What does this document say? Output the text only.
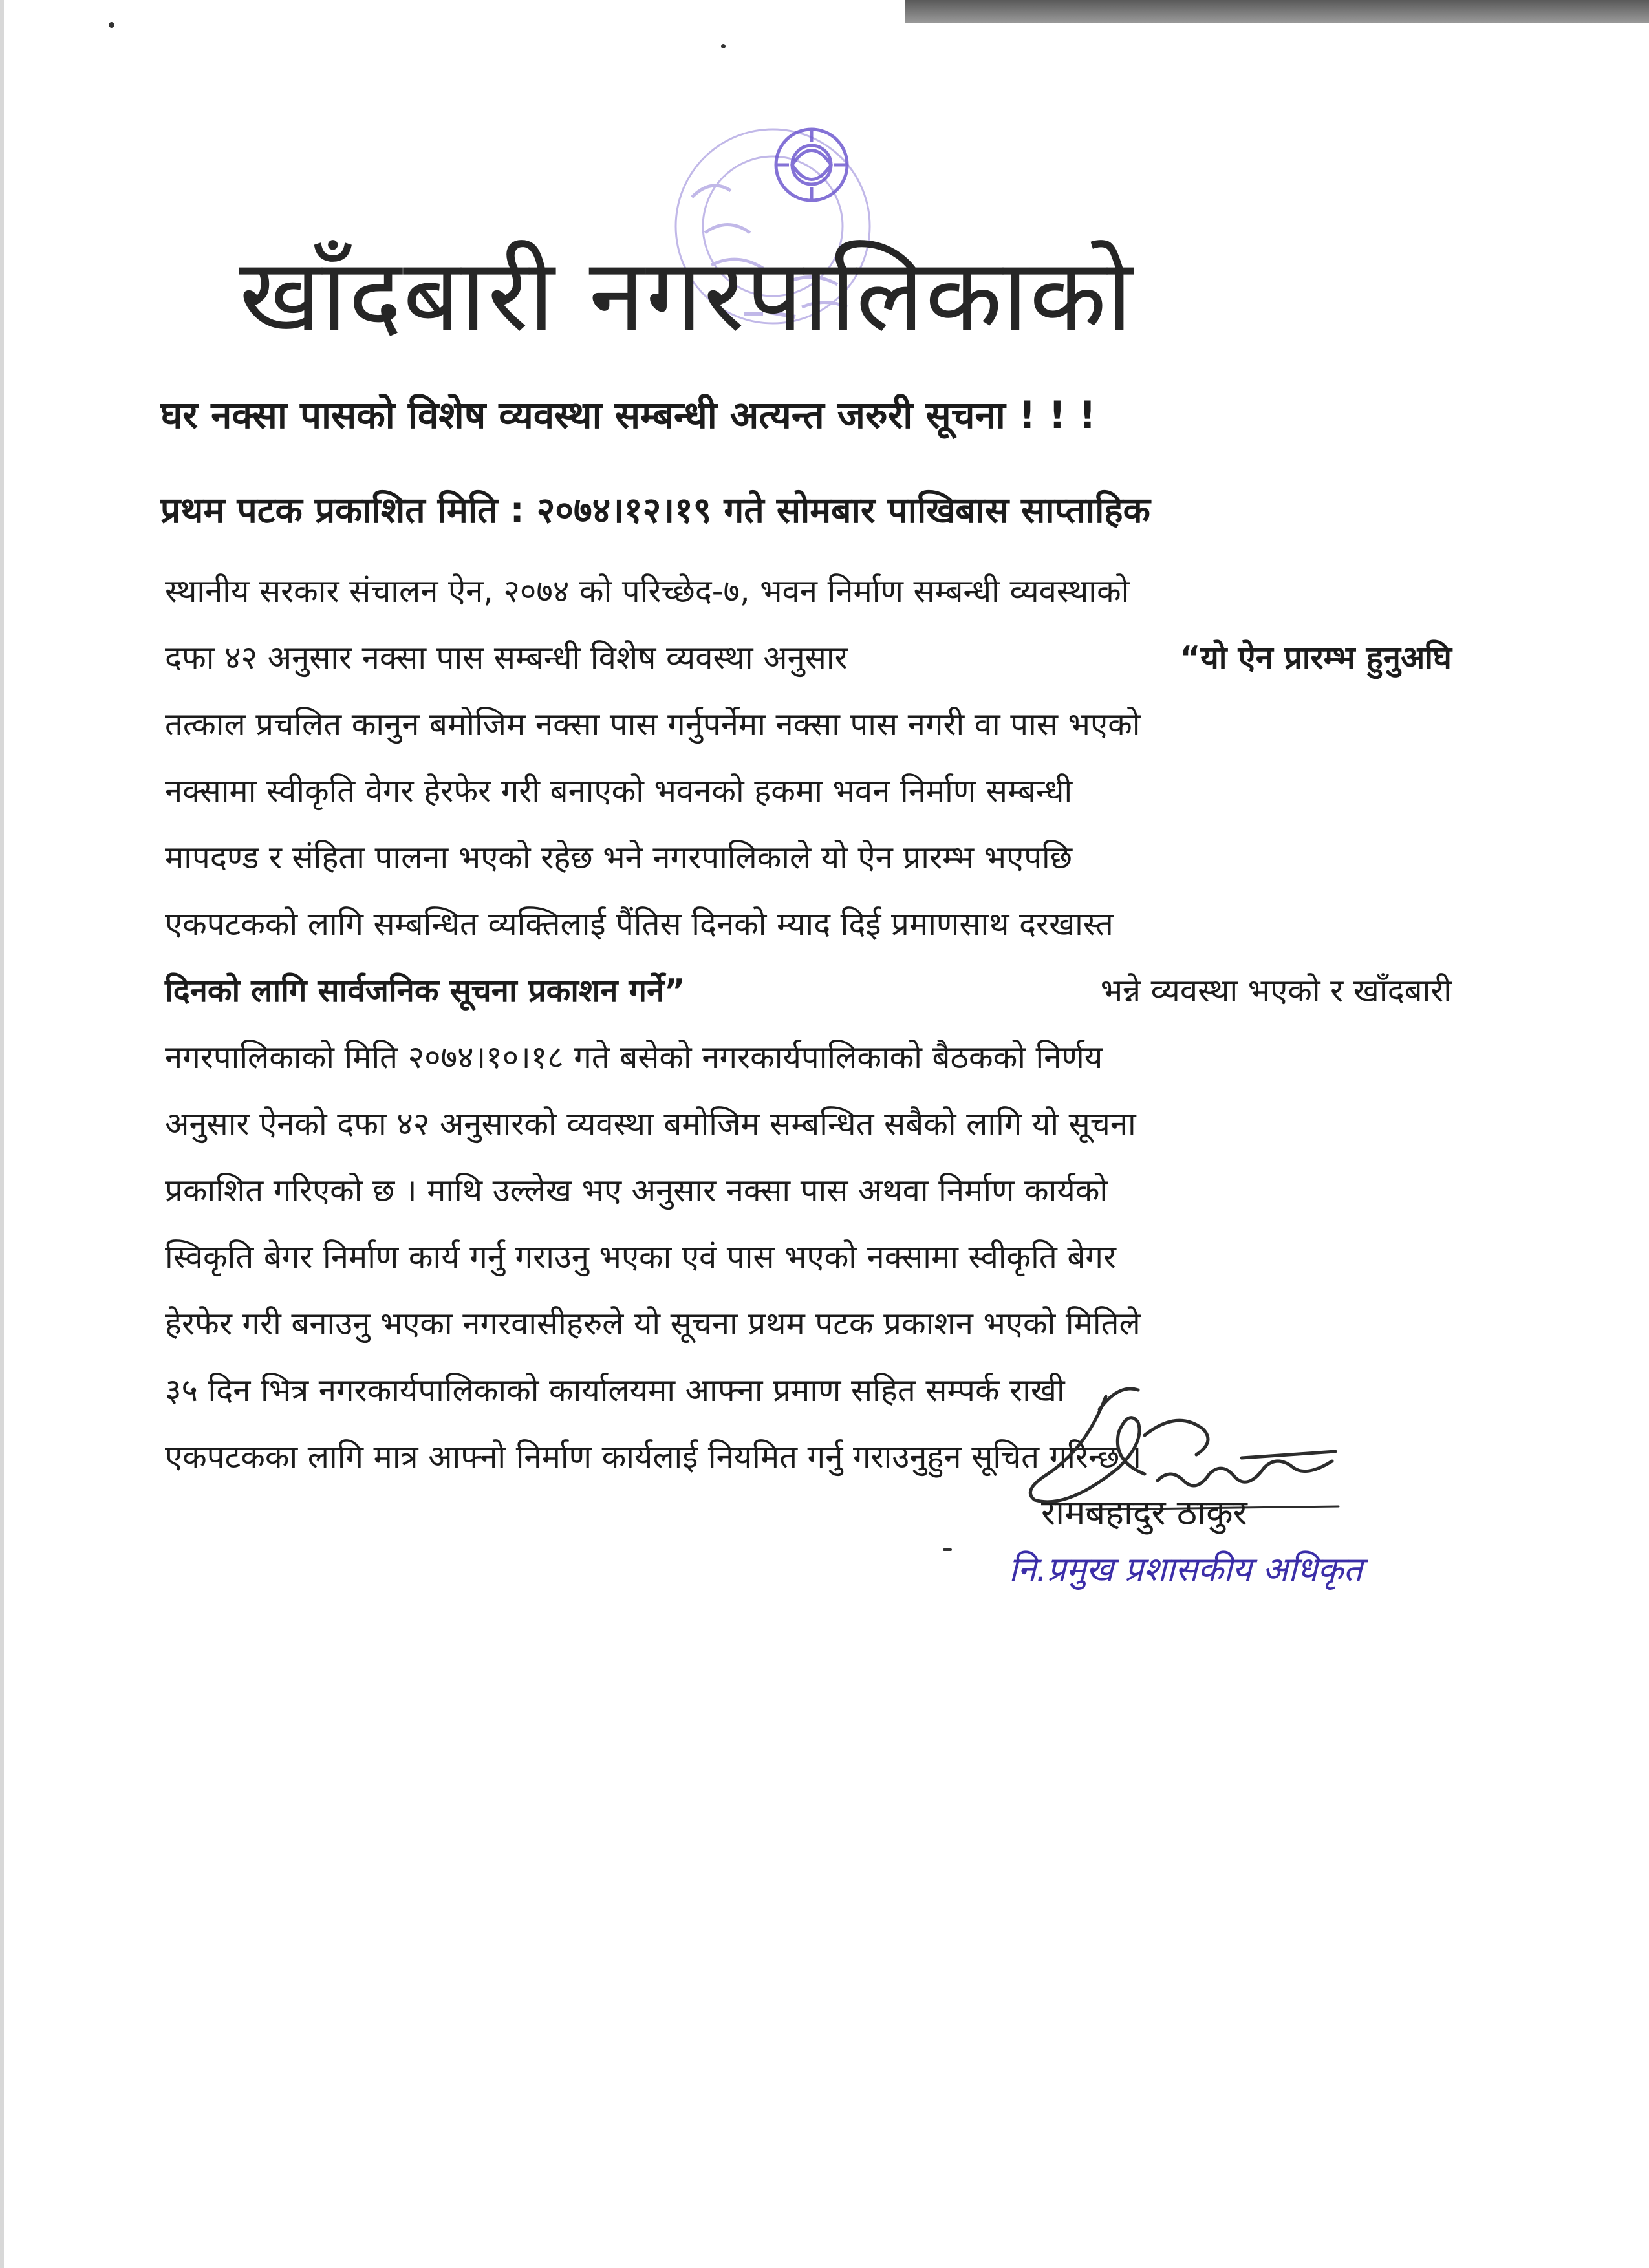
खाँदबारी नगरपालिकाको
घर नक्सा पासको विशेष व्यवस्था सम्बन्धी अत्यन्त जरुरी सूचना ! ! !

प्रथम पटक प्रकाशित मिति : २०७४।१२।१९ गते सोमबार पाखिबास साप्ताहिक

स्थानीय सरकार संचालन ऐन, २०७४ को परिच्छेद-७, भवन निर्माण सम्बन्धी व्यवस्थाको
दफा ४२ अनुसार नक्सा पास सम्बन्धी विशेष व्यवस्था अनुसार	“यो ऐन प्रारम्भ हुनुअघि
तत्काल प्रचलित कानुन बमोजिम नक्सा पास गर्नुपर्नेमा नक्सा पास नगरी वा पास भएको
नक्सामा स्वीकृति वेगर हेरफेर गरी बनाएको भवनको हकमा भवन निर्माण सम्बन्धी
मापदण्ड र संहिता पालना भएको रहेछ भने नगरपालिकाले यो ऐन प्रारम्भ भएपछि
एकपटकको लागि सम्बन्धित व्यक्तिलाई पैंतिस दिनको म्याद दिई प्रमाणसाथ दरखास्त
दिनको लागि सार्वजनिक सूचना प्रकाशन गर्ने”	भन्ने व्यवस्था भएको र खाँदबारी
नगरपालिकाको मिति २०७४।१०।१८ गते बसेको नगरकार्यपालिकाको बैठकको निर्णय
अनुसार ऐनको दफा ४२ अनुसारको व्यवस्था बमोजिम सम्बन्धित सबैको लागि यो सूचना
प्रकाशित गरिएको छ । माथि उल्लेख भए अनुसार नक्सा पास अथवा निर्माण कार्यको
स्विकृति बेगर निर्माण कार्य गर्नु गराउनु भएका एवं पास भएको नक्सामा स्वीकृति बेगर
हेरफेर गरी बनाउनु भएका नगरवासीहरुले यो सूचना प्रथम पटक प्रकाशन भएको मितिले
३५ दिन भित्र नगरकार्यपालिकाको कार्यालयमा आफ्ना प्रमाण सहित सम्पर्क राखी
एकपटकका लागि मात्र आफ्नो निर्माण कार्यलाई नियमित गर्नु गराउनुहुन सूचित गरिन्छ ।

रामबहादुर ठाकुर

नि.प्रमुख प्रशासकीय अधिकृत
